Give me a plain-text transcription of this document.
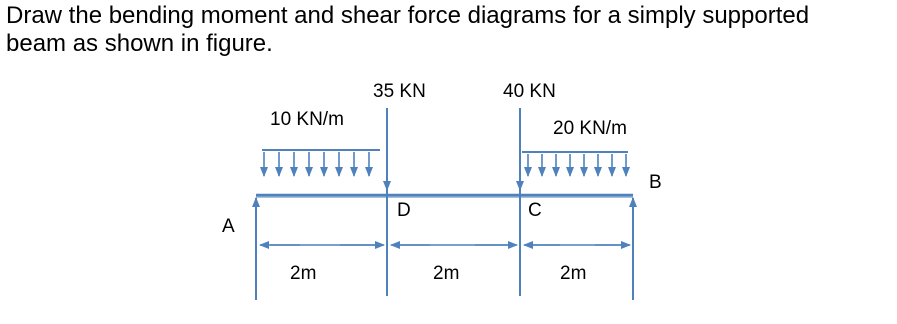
Draw the bending moment and shear force diagrams for a simply supported
beam as shown in figure.
35 KN	40 KN
10 KN/m	20 KN/m
A
B
D	C
2m	2m	2m
